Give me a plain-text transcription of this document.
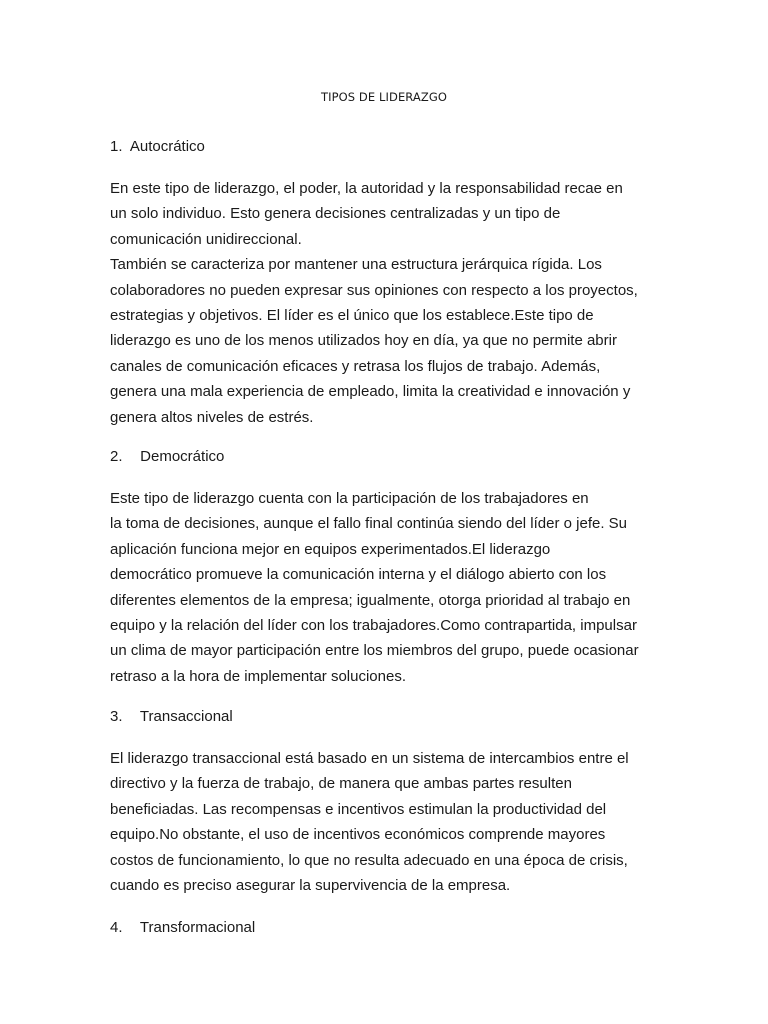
TIPOS DE LIDERAZGO
1. Autocrático
En este tipo de liderazgo, el poder, la autoridad y la responsabilidad recae en
un solo individuo. Esto genera decisiones centralizadas y un tipo de
comunicación unidireccional.
También se caracteriza por mantener una estructura jerárquica rígida. Los
colaboradores no pueden expresar sus opiniones con respecto a los proyectos,
estrategias y objetivos. El líder es el único que los establece.Este tipo de
liderazgo es uno de los menos utilizados hoy en día, ya que no permite abrir
canales de comunicación eficaces y retrasa los flujos de trabajo. Además,
genera una mala experiencia de empleado, limita la creatividad e innovación y
genera altos niveles de estrés.
2. Democrático
Este tipo de liderazgo cuenta con la participación de los trabajadores en
la toma de decisiones, aunque el fallo final continúa siendo del líder o jefe. Su
aplicación funciona mejor en equipos experimentados.El liderazgo
democrático promueve la comunicación interna y el diálogo abierto con los
diferentes elementos de la empresa; igualmente, otorga prioridad al trabajo en
equipo y la relación del líder con los trabajadores.Como contrapartida, impulsar
un clima de mayor participación entre los miembros del grupo, puede ocasionar
retraso a la hora de implementar soluciones.
3. Transaccional
El liderazgo transaccional está basado en un sistema de intercambios entre el
directivo y la fuerza de trabajo, de manera que ambas partes resulten
beneficiadas. Las recompensas e incentivos estimulan la productividad del
equipo.No obstante, el uso de incentivos económicos comprende mayores
costos de funcionamiento, lo que no resulta adecuado en una época de crisis,
cuando es preciso asegurar la supervivencia de la empresa.
4. Transformacional
